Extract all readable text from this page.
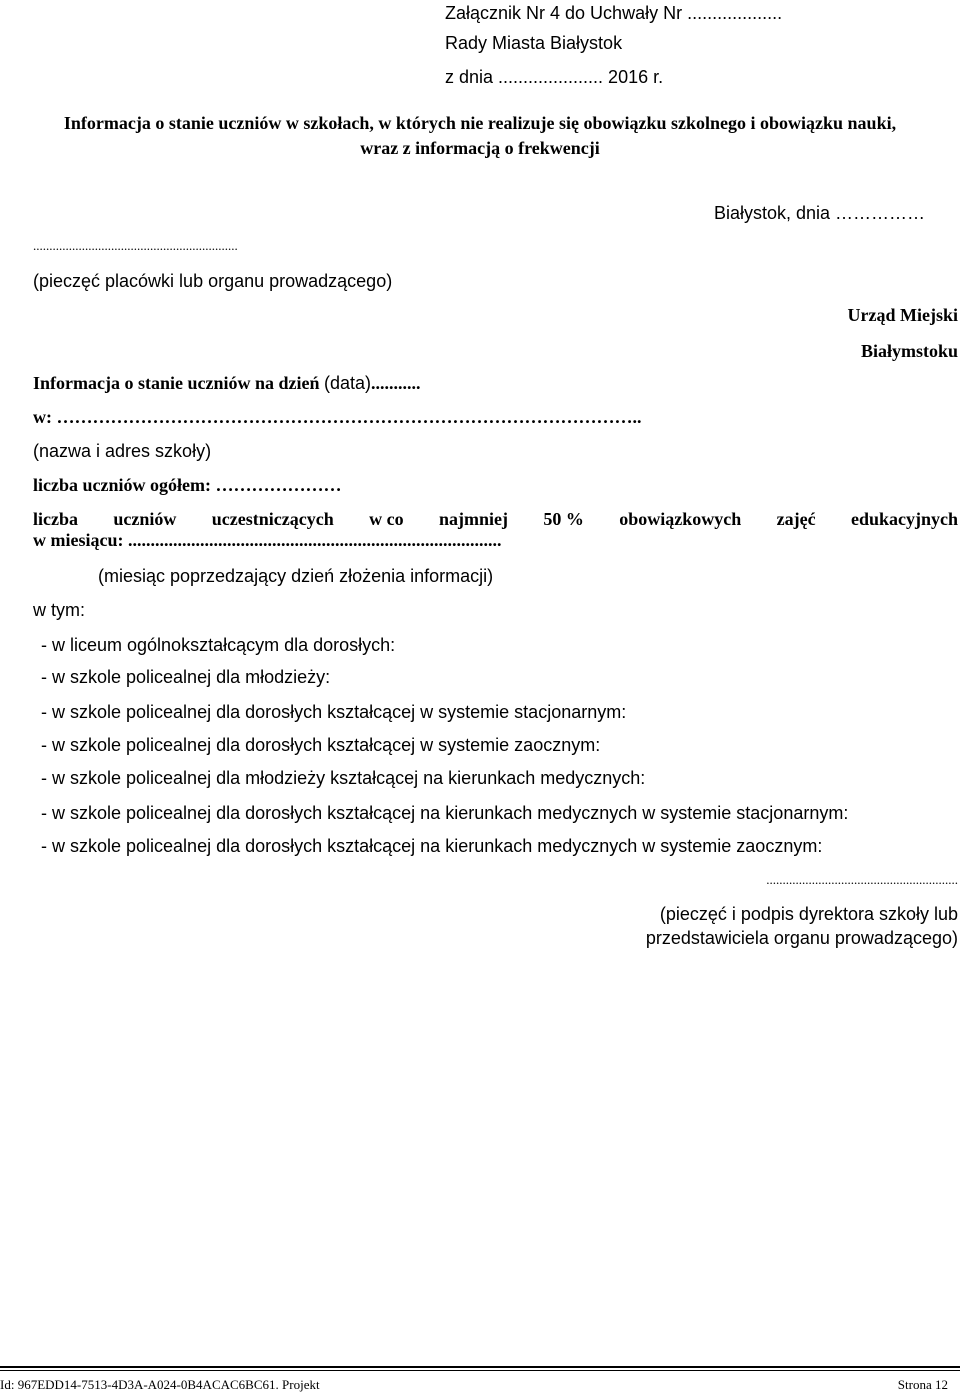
Załącznik Nr 4 do Uchwały Nr ...................
Rady Miasta Białystok
z dnia ..................... 2016 r.
Informacja o stanie uczniów w szkołach, w których nie realizuje się obowiązku szkolnego i obowiązku nauki,
wraz z informacją o frekwencji
Białystok, dnia ……………
...............................................................
(pieczęć placówki lub organu prowadzącego)
Urząd Miejski
Białymstoku
Informacja o stanie uczniów na dzień (data)...........
w: ……………………………………………………………………………………..
(nazwa i adres szkoły)
liczba uczniów ogółem: …………………
liczba uczniów uczestniczących w co najmniej 50 % obowiązkowych zajęć edukacyjnych
w miesiącu: ...................................................................................
(miesiąc poprzedzający dzień złożenia informacji)
w tym:
- w liceum ogólnokształcącym dla dorosłych:
- w szkole policealnej dla młodzieży:
- w szkole policealnej dla dorosłych kształcącej w systemie stacjonarnym:
- w szkole policealnej dla dorosłych kształcącej w systemie zaocznym:
- w szkole policealnej dla młodzieży kształcącej na kierunkach medycznych:
- w szkole policealnej dla dorosłych kształcącej na kierunkach medycznych w systemie stacjonarnym:
- w szkole policealnej dla dorosłych kształcącej na kierunkach medycznych w systemie zaocznym:
...........................................................
(pieczęć i podpis dyrektora szkoły lub
przedstawiciela organu prowadzącego)
Id: 967EDD14-7513-4D3A-A024-0B4ACAC6BC61. Projekt	Strona 12
